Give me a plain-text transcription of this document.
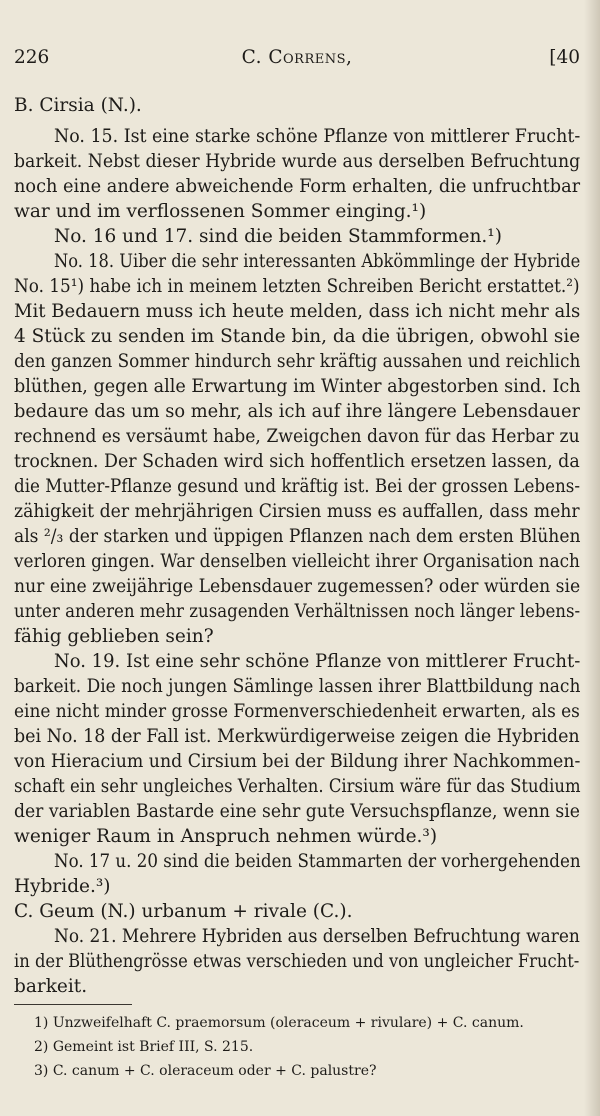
226	C. Correns,	[40
B. Cirsia (N.).
No. 15. Ist eine starke schöne Pflanze von mittlerer Frucht-
barkeit. Nebst dieser Hybride wurde aus derselben Befruchtung
noch eine andere abweichende Form erhalten, die unfruchtbar
war und im verflossenen Sommer einging.¹)
No. 16 und 17. sind die beiden Stammformen.¹)
No. 18. Uiber die sehr interessanten Abkömmlinge der Hybride
No. 15¹) habe ich in meinem letzten Schreiben Bericht erstattet.²)
Mit Bedauern muss ich heute melden, dass ich nicht mehr als
4 Stück zu senden im Stande bin, da die übrigen, obwohl sie
den ganzen Sommer hindurch sehr kräftig aussahen und reichlich
blüthen, gegen alle Erwartung im Winter abgestorben sind. Ich
bedaure das um so mehr, als ich auf ihre längere Lebensdauer
rechnend es versäumt habe, Zweigchen davon für das Herbar zu
trocknen. Der Schaden wird sich hoffentlich ersetzen lassen, da
die Mutter-Pflanze gesund und kräftig ist. Bei der grossen Lebens-
zähigkeit der mehrjährigen Cirsien muss es auffallen, dass mehr
als ²/₃ der starken und üppigen Pflanzen nach dem ersten Blühen
verloren gingen. War denselben vielleicht ihrer Organisation nach
nur eine zweijährige Lebensdauer zugemessen? oder würden sie
unter anderen mehr zusagenden Verhältnissen noch länger lebens-
fähig geblieben sein?
No. 19. Ist eine sehr schöne Pflanze von mittlerer Frucht-
barkeit. Die noch jungen Sämlinge lassen ihrer Blattbildung nach
eine nicht minder grosse Formenverschiedenheit erwarten, als es
bei No. 18 der Fall ist. Merkwürdigerweise zeigen die Hybriden
von Hieracium und Cirsium bei der Bildung ihrer Nachkommen-
schaft ein sehr ungleiches Verhalten. Cirsium wäre für das Studium
der variablen Bastarde eine sehr gute Versuchspflanze, wenn sie
weniger Raum in Anspruch nehmen würde.³)
No. 17 u. 20 sind die beiden Stammarten der vorhergehenden
Hybride.³)
C. Geum (N.) urbanum + rivale (C.).
No. 21. Mehrere Hybriden aus derselben Befruchtung waren
in der Blüthengrösse etwas verschieden und von ungleicher Frucht-
barkeit.
1) Unzweifelhaft C. praemorsum (oleraceum + rivulare) + C. canum.
2) Gemeint ist Brief III, S. 215.
3) C. canum + C. oleraceum oder + C. palustre?
